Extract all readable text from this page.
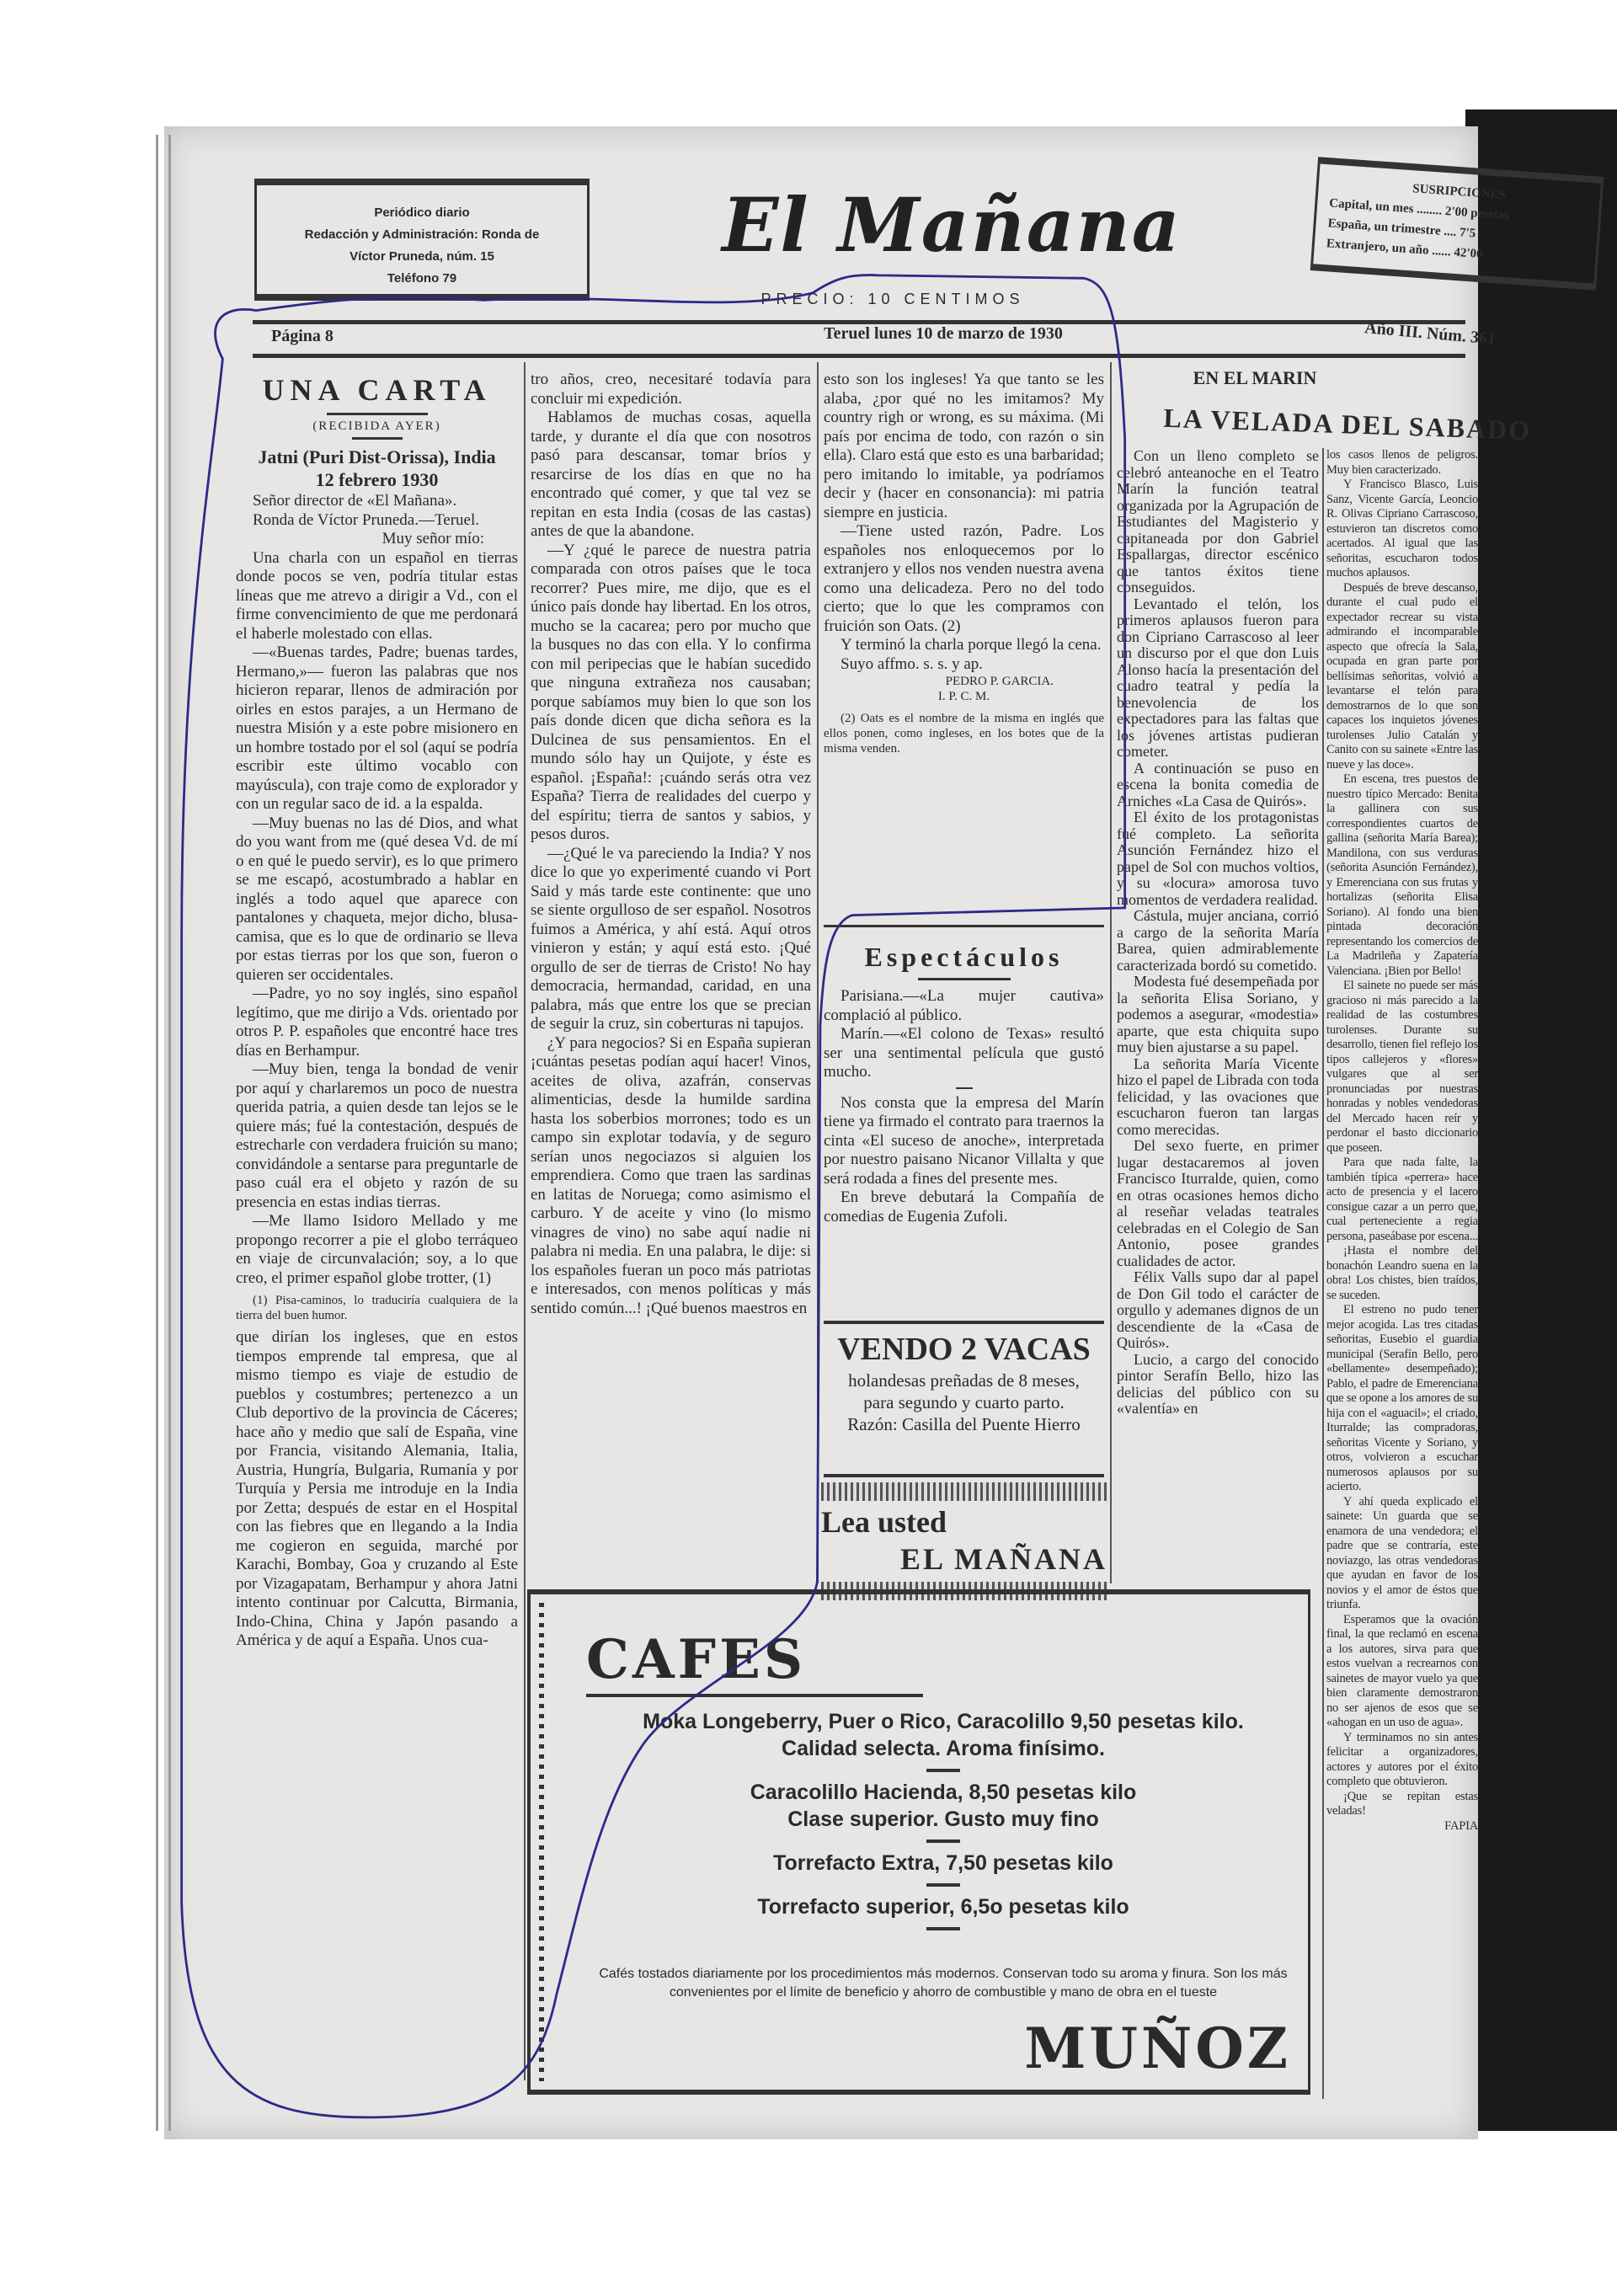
Periódico diario
Redacción y Administración: Ronda de
Víctor Pruneda, núm. 15
Teléfono 79
El Mañana
PRECIO: 10 CENTIMOS
SUSRIPCIONES
Capital, un mes ........ 2'00 pesetas
España, un trimestre .... 7'5
Extranjero, un año ...... 42'00
Página 8	Teruel lunes 10 de marzo de 1930	Año III. Núm. 361
UNA CARTA
(RECIBIDA AYER)
Jatni (Puri Dist-Orissa), India
12 febrero 1930

Señor director de «El Mañana».

Ronda de Víctor Pruneda.—Teruel.

Muy señor mío:

Una charla con un español en tierras donde pocos se ven, podría titular estas líneas que me atrevo a dirigir a Vd., con el firme convencimiento de que me perdonará el haberle molestado con ellas.

—«Buenas tardes, Padre; buenas tardes, Hermano,»— fueron las palabras que nos hicieron reparar, llenos de admiración por oirles en estos parajes, a un Hermano de nuestra Misión y a este pobre misionero en un hombre tostado por el sol (aquí se podría escribir este último vocablo con mayúscula), con traje como de explorador y con un regular saco de id. a la espalda.

—Muy buenas no las dé Dios, and what do you want from me (qué desea Vd. de mí o en qué le puedo servir), es lo que primero se me escapó, acostumbrado a hablar en inglés a todo aquel que aparece con pantalones y chaqueta, mejor dicho, blusa-camisa, que es lo que de ordinario se lleva por estas tierras por los que son, fueron o quieren ser occidentales.

—Padre, yo no soy inglés, sino español legítimo, que me dirijo a Vds. orientado por otros P. P. españoles que encontré hace tres días en Berhampur.

—Muy bien, tenga la bondad de venir por aquí y charlaremos un poco de nuestra querida patria, a quien desde tan lejos se le quiere más; fué la contestación, después de estrecharle con verdadera fruición su mano; convidándole a sentarse para preguntarle de paso cuál era el objeto y razón de su presencia en estas indias tierras.

—Me llamo Isidoro Mellado y me propongo recorrer a pie el globo terráqueo en viaje de circunvalación; soy, a lo que creo, el primer español globe trotter, (1)

(1) Pisa-caminos, lo traduciría cualquiera de la tierra del buen humor.

que dirían los ingleses, que en estos tiempos emprende tal empresa, que al mismo tiempo es viaje de estudio de pueblos y costumbres; pertenezco a un Club deportivo de la provincia de Cáceres; hace año y medio que salí de España, vine por Francia, visitando Alemania, Italia, Austria, Hungría, Bulgaria, Rumanía y por Turquía y Persia me introduje en la India por Zetta; después de estar en el Hospital con las fiebres que en llegando a la India me cogieron en seguida, marché por Karachi, Bombay, Goa y cruzando al Este por Vizagapatam, Berhampur y ahora Jatni intento continuar por Calcutta, Birmania, Indo-China, China y Japón pasando a América y de aquí a España. Unos cua-

tro años, creo, necesitaré todavía para concluir mi expedición.

Hablamos de muchas cosas, aquella tarde, y durante el día que con nosotros pasó para descansar, tomar bríos y resarcirse de los días en que no ha encontrado qué comer, y que tal vez se repitan en esta India (cosas de las castas) antes de que la abandone.

—Y ¿qué le parece de nuestra patria comparada con otros países que le toca recorrer? Pues mire, me dijo, que es el único país donde hay libertad. En los otros, mucho se la cacarea; pero por mucho que la busques no das con ella. Y lo confirma con mil peripecias que le habían sucedido que ninguna extrañeza nos causaban; porque sabíamos muy bien lo que son los país donde dicen que dicha señora es la Dulcinea de sus pensamientos. En el mundo sólo hay un Quijote, y éste es español. ¡España!: ¡cuándo serás otra vez España? Tierra de realidades del cuerpo y del espíritu; tierra de santos y sabios, y pesos duros.

—¿Qué le va pareciendo la India? Y nos dice lo que yo experimenté cuando vi Port Said y más tarde este continente: que uno se siente orgulloso de ser español. Nosotros fuimos a América, y ahí está. Aquí otros vinieron y están; y aquí está esto. ¡Qué orgullo de ser de tierras de Cristo! No hay democracia, hermandad, caridad, en una palabra, más que entre los que se precian de seguir la cruz, sin coberturas ni tapujos.

¿Y para negocios? Si en España supieran ¡cuántas pesetas podían aquí hacer! Vinos, aceites de oliva, azafrán, conservas alimenticias, desde la humilde sardina hasta los soberbios morrones; todo es un campo sin explotar todavía, y de seguro serían unos negociazos si alguien los emprendiera. Como que traen las sardinas en latitas de Noruega; como asimismo el carburo. Y de aceite y vino (lo mismo vinagres de vino) no sabe aquí nadie ni palabra ni media. En una palabra, le dije: si los españoles fueran un poco más patriotas e interesados, con menos políticas y más sentido común...! ¡Qué buenos maestros en

esto son los ingleses! Ya que tanto se les alaba, ¿por qué no les imitamos? My country righ or wrong, es su máxima. (Mi país por encima de todo, con razón o sin ella). Claro está que esto es una barbaridad; pero imitando lo imitable, ya podríamos decir y (hacer en consonancia): mi patria siempre en justicia.

—Tiene usted razón, Padre. Los españoles nos enloquecemos por lo extranjero y ellos nos venden nuestra avena como una delicadeza. Pero no del todo cierto; que lo que les compramos con fruición son Oats. (2)

Y terminó la charla porque llegó la cena.

Suyo affmo. s. s. y ap.

PEDRO P. GARCIA.

I. P. C. M.

(2) Oats es el nombre de la misma en inglés que ellos ponen, como ingleses, en los botes que de la misma venden.

Espectáculos

Parisiana.—«La mujer cautiva» complació al público.

Marín.—«El colono de Texas» resultó ser una sentimental película que gustó mucho.

Nos consta que la empresa del Marín tiene ya firmado el contrato para traernos la cinta «El suceso de anoche», interpretada por nuestro paisano Nicanor Villalta y que será rodada a fines del presente mes.

En breve debutará la Compañía de comedias de Eugenia Zufoli.

VENDO 2 VACAS
holandesas preñadas de 8 meses,
para segundo y cuarto parto.
Razón: Casilla del Puente Hierro
Lea usted
EL MAÑANA
EN EL MARIN
LA VELADA DEL SABADO

Con un lleno completo se celebró anteanoche en el Teatro Marín la función teatral organizada por la Agrupación de Estudiantes del Magisterio y capitaneada por don Gabriel Espallargas, director escénico que tantos éxitos tiene conseguidos.

Levantado el telón, los primeros aplausos fueron para don Cipriano Carrascoso al leer un discurso por el que don Luis Alonso hacía la presentación del cuadro teatral y pedía la benevolencia de los expectadores para las faltas que los jóvenes artistas pudieran cometer.

A continuación se puso en escena la bonita comedia de Arniches «La Casa de Quirós».

El éxito de los protagonistas fué completo. La señorita Asunción Fernández hizo el papel de Sol con muchos voltios, y su «locura» amorosa tuvo momentos de verdadera realidad.

Cástula, mujer anciana, corrió a cargo de la señorita María Barea, quien admirablemente caracterizada bordó su cometido.

Modesta fué desempeñada por la señorita Elisa Soriano, y podemos a asegurar, «modestia» aparte, que esta chiquita supo muy bien ajustarse a su papel.

La señorita María Vicente hizo el papel de Librada con toda felicidad, y las ovaciones que escucharon fueron tan largas como merecidas.

Del sexo fuerte, en primer lugar destacaremos al joven Francisco Iturralde, quien, como en otras ocasiones hemos dicho al reseñar veladas teatrales celebradas en el Colegio de San Antonio, posee grandes cualidades de actor.

Félix Valls supo dar al papel de Don Gil todo el carácter de orgullo y ademanes dignos de un descendiente de la «Casa de Quirós».

Lucio, a cargo del conocido pintor Serafín Bello, hizo las delicias del público con su «valentía» en

los casos llenos de peligros. Muy bien caracterizado.

Y Francisco Blasco, Luis Sanz, Vicente García, Leoncio R. Olivas Cipriano Carrascoso, estuvieron tan discretos como acertados. Al igual que las señoritas, escucharon todos muchos aplausos.

Después de breve descanso, durante el cual pudo el expectador recrear su vista admirando el incomparable aspecto que ofrecía la Sala, ocupada en gran parte por bellísimas señoritas, volvió a levantarse el telón para demostrarnos de lo que son capaces los inquietos jóvenes turolenses Julio Catalán y Canito con su sainete «Entre las nueve y las doce».

En escena, tres puestos de nuestro típico Mercado: Benita la gallinera con sus correspondientes cuartos de gallina (señorita María Barea); Mandilona, con sus verduras (señorita Asunción Fernández), y Emerenciana con sus frutas y hortalizas (señorita Elisa Soriano). Al fondo una bien pintada decoración representando los comercios de La Madrileña y Zapatería Valenciana. ¡Bien por Bello!

El sainete no puede ser más gracioso ni más parecido a la realidad de las costumbres turolenses. Durante su desarrollo, tienen fiel reflejo los tipos callejeros y «flores» vulgares que al ser pronunciadas por nuestras honradas y nobles vendedoras del Mercado hacen reír y perdonar el basto diccionario que poseen.

Para que nada falte, la también típica «perrera» hace acto de presencia y el lacero consigue cazar a un perro que, cual perteneciente a regia persona, paseábase por escena...

¡Hasta el nombre del bonachón Leandro suena en la obra! Los chistes, bien traídos, se suceden.

El estreno no pudo tener mejor acogida. Las tres citadas señoritas, Eusebio el guardia municipal (Serafín Bello, pero «bellamente» desempeñado); Pablo, el padre de Emerenciana que se opone a los amores de su hija con el «aguacil»; el criado, Iturralde; las compradoras, señoritas Vicente y Soriano, y otros, volvieron a escuchar numerosos aplausos por su acierto.

Y ahí queda explicado el sainete: Un guarda que se enamora de una vendedora; el padre que se contraría, este noviazgo, las otras vendedoras que ayudan en favor de los novios y el amor de éstos que triunfa.

Esperamos que la ovación final, la que reclamó en escena a los autores, sirva para que estos vuelvan a recrearnos con sainetes de mayor vuelo ya que bien claramente demostraron no ser ajenos de esos que se «ahogan en un uso de agua».

Y terminamos no sin antes felicitar a organizadores, actores y autores por el éxito completo que obtuvieron.

¡Que se repitan estas veladas!

FAPIA

CAFES
Moka Longeberry, Puer o Rico, Caracolillo 9,50 pesetas kilo.
Calidad selecta. Aroma finísimo.
Caracolillo Hacienda, 8,50 pesetas kilo
Clase superior. Gusto muy fino
Torrefacto Extra, 7,50 pesetas kilo
Torrefacto superior, 6,5o pesetas kilo
Cafés tostados diariamente por los procedimientos más modernos. Conservan todo su aroma y finura. Son los más convenientes por el límite de beneficio y ahorro de combustible y mano de obra en el tueste
MUÑOZ
